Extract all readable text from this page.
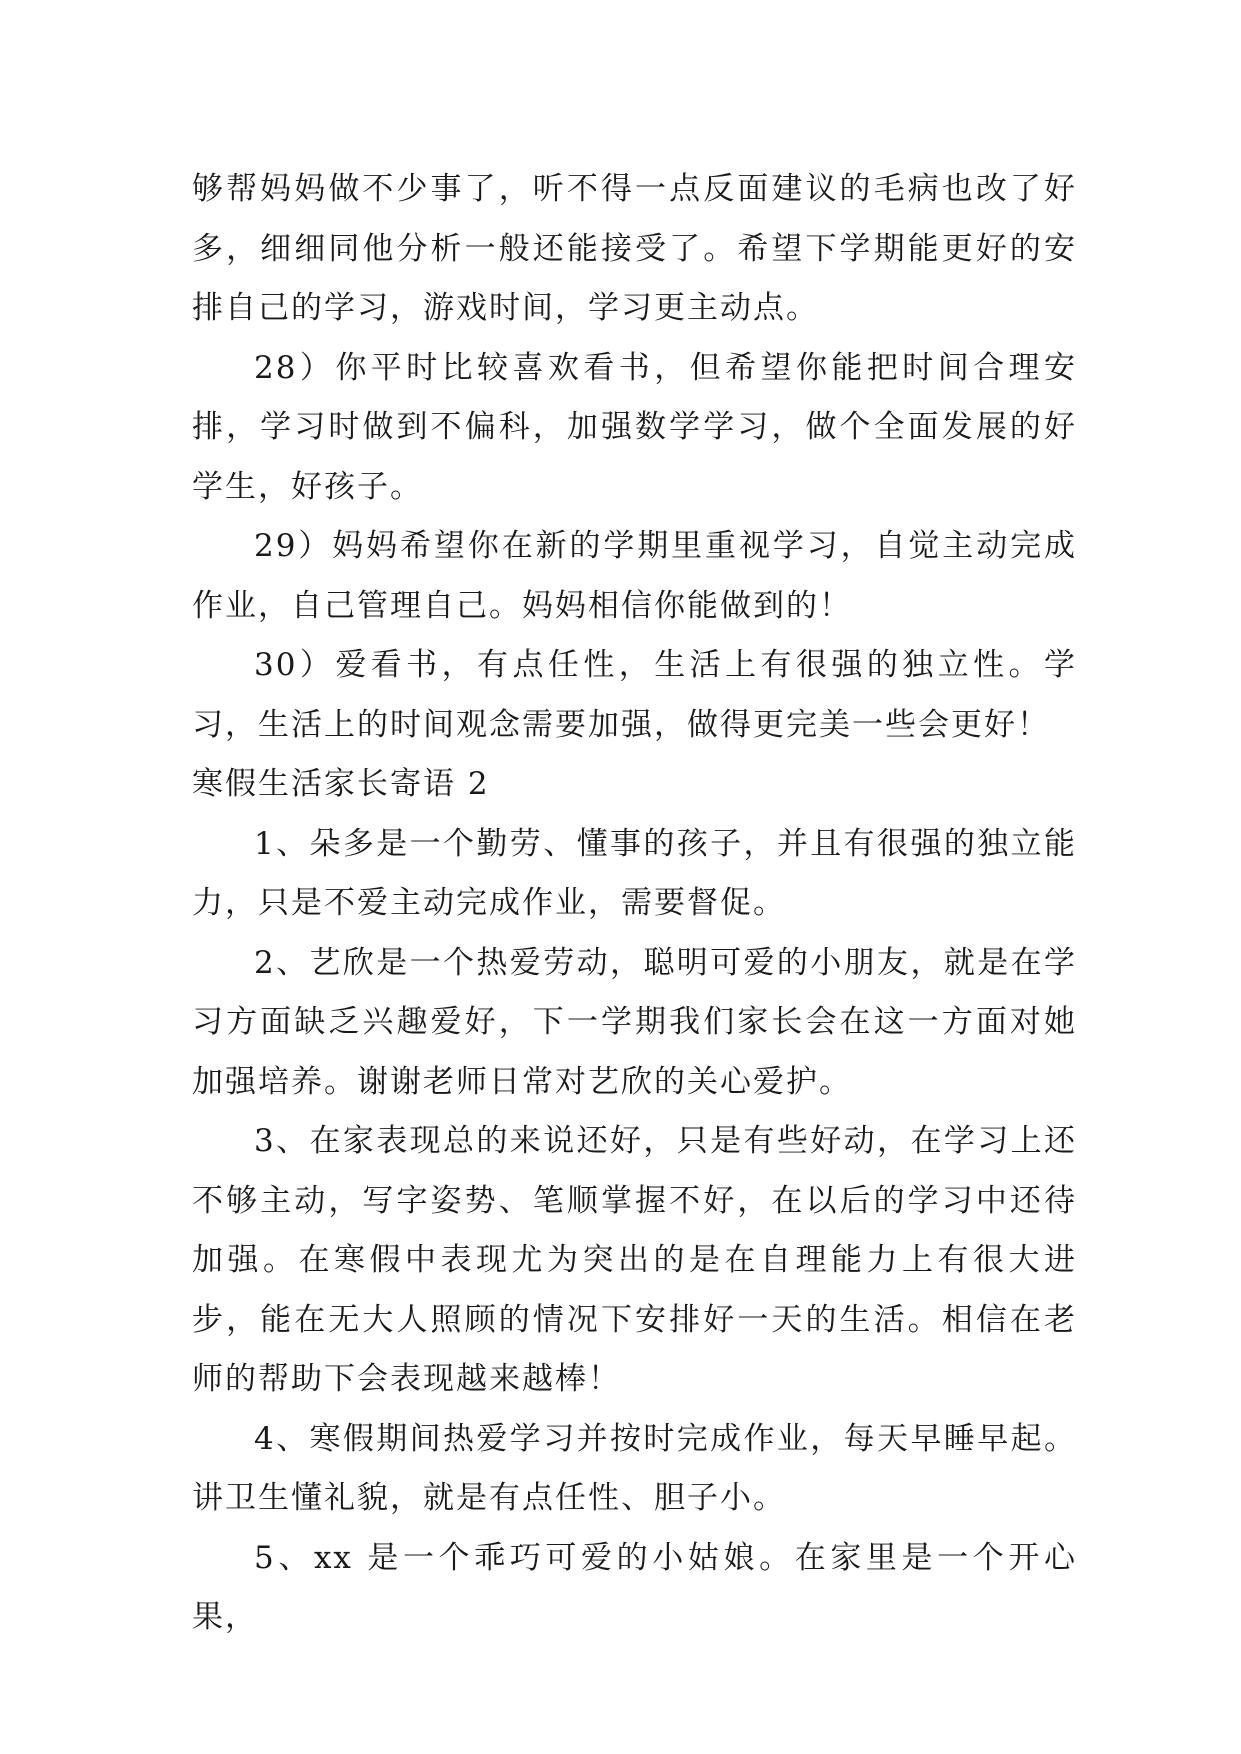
够帮妈妈做不少事了，听不得一点反面建议的毛病也改了好多，细细同他分析一般还能接受了。希望下学期能更好的安排自己的学习，游戏时间，学习更主动点。

28）你平时比较喜欢看书，但希望你能把时间合理安排，学习时做到不偏科，加强数学学习，做个全面发展的好学生，好孩子。

29）妈妈希望你在新的学期里重视学习，自觉主动完成作业，自己管理自己。妈妈相信你能做到的！

30）爱看书，有点任性，生活上有很强的独立性。学习，生活上的时间观念需要加强，做得更完美一些会更好！

寒假生活家长寄语 2

1、朵多是一个勤劳、懂事的孩子，并且有很强的独立能力，只是不爱主动完成作业，需要督促。

2、艺欣是一个热爱劳动，聪明可爱的小朋友，就是在学习方面缺乏兴趣爱好，下一学期我们家长会在这一方面对她加强培养。谢谢老师日常对艺欣的关心爱护。

3、在家表现总的来说还好，只是有些好动，在学习上还不够主动，写字姿势、笔顺掌握不好，在以后的学习中还待加强。在寒假中表现尤为突出的是在自理能力上有很大进步，能在无大人照顾的情况下安排好一天的生活。相信在老师的帮助下会表现越来越棒！

4、寒假期间热爱学习并按时完成作业，每天早睡早起。讲卫生懂礼貌，就是有点任性、胆子小。

5、xx 是一个乖巧可爱的小姑娘。在家里是一个开心果，
